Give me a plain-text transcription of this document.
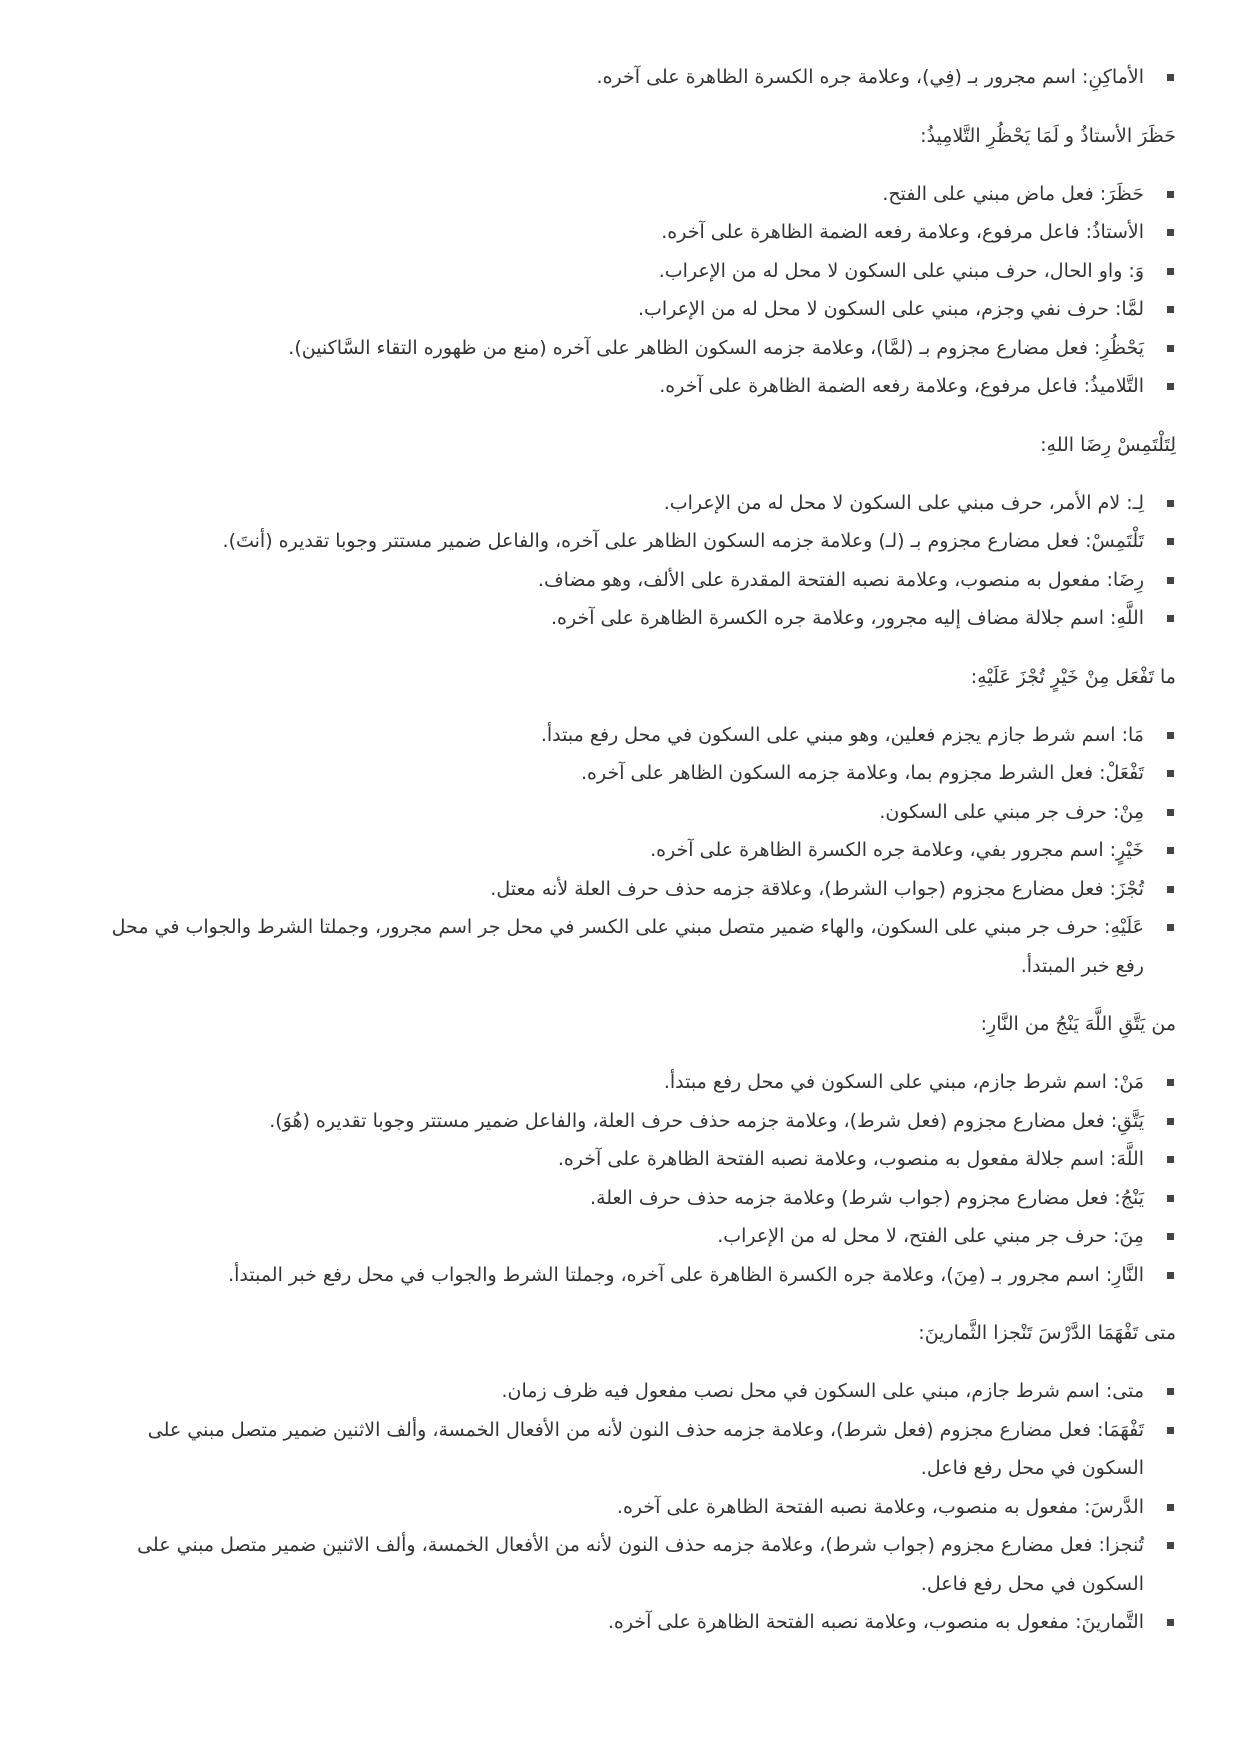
الأماكِنِ: اسم مجرور بـ (فِي)، وعلامة جره الكسرة الظاهرة على آخره.

حَظَرَ الأستاذُ و لَمَا يَحْظُرِ التَّلامِيذُ:

حَظَرَ: فعل ماض مبني على الفتح.
الأستاذُ: فاعل مرفوع، وعلامة رفعه الضمة الظاهرة على آخره.
وَ: واو الحال، حرف مبني على السكون لا محل له من الإعراب.
لمَّا: حرف نفي وجزم، مبني على السكون لا محل له من الإعراب.
يَحْظُرِ: فعل مضارع مجزوم بـ (لمَّا)، وعلامة جزمه السكون الظاهر على آخره (منع من ظهوره التقاء السَّاكنين).
التَّلاميذُ: فاعل مرفوع، وعلامة رفعه الضمة الظاهرة على آخره.

لِتَلْتَمِسْ رِضَا اللهِ:

لِـ: لام الأمر، حرف مبني على السكون لا محل له من الإعراب.
تَلْتَمِسْ: فعل مضارع مجزوم بـ (لـ) وعلامة جزمه السكون الظاهر على آخره، والفاعل ضمير مستتر وجوبا تقديره (أنتَ).
رِضَا: مفعول به منصوب، وعلامة نصبه الفتحة المقدرة على الألف، وهو مضاف.
اللَّهِ: اسم جلالة مضاف إليه مجرور، وعلامة جره الكسرة الظاهرة على آخره.

ما تَفْعَل مِنْ خَيْرٍ تُجْزَ عَلَيْهِ:

مَا: اسم شرط جازم يجزم فعلين، وهو مبني على السكون في محل رفع مبتدأ.
تَفْعَلْ: فعل الشرط مجزوم بما، وعلامة جزمه السكون الظاهر على آخره.
مِنْ: حرف جر مبني على السكون.
خَيْرٍ: اسم مجرور بفي، وعلامة جره الكسرة الظاهرة على آخره.
تُجْزَ: فعل مضارع مجزوم (جواب الشرط)، وعلاقة جزمه حذف حرف العلة لأنه معتل.
عَلَيْهِ: حرف جر مبني على السكون، والهاء ضمير متصل مبني على الكسر في محل جر اسم مجرور، وجملتا الشرط والجواب في محل رفع خبر المبتدأ.

من يَتَّقِ اللَّهَ يَنْجُ من النَّارِ:

مَنْ: اسم شرط جازم، مبني على السكون في محل رفع مبتدأ.
يَتَّقِ: فعل مضارع مجزوم (فعل شرط)، وعلامة جزمه حذف حرف العلة، والفاعل ضمير مستتر وجوبا تقديره (هُوَ).
اللَّهَ: اسم جلالة مفعول به منصوب، وعلامة نصبه الفتحة الظاهرة على آخره.
يَنْجُ: فعل مضارع مجزوم (جواب شرط) وعلامة جزمه حذف حرف العلة.
مِنَ: حرف جر مبني على الفتح، لا محل له من الإعراب.
النَّارِ: اسم مجرور بـ (مِنَ)، وعلامة جره الكسرة الظاهرة على آخره، وجملتا الشرط والجواب في محل رفع خبر المبتدأ.

متى تَفْهَمَا الدَّرْسَ تَنْجزا الثَّمارينَ:

متى: اسم شرط جازم، مبني على السكون في محل نصب مفعول فيه ظرف زمان.
تَفْهَمَا: فعل مضارع مجزوم (فعل شرط)، وعلامة جزمه حذف النون لأنه من الأفعال الخمسة، وألف الاثنين ضمير متصل مبني على السكون في محل رفع فاعل.
الدَّرسَ: مفعول به منصوب، وعلامة نصبه الفتحة الظاهرة على آخره.
تُنجزا: فعل مضارع مجزوم (جواب شرط)، وعلامة جزمه حذف النون لأنه من الأفعال الخمسة، وألف الاثنين ضمير متصل مبني على السكون في محل رفع فاعل.
التَّمارينَ: مفعول به منصوب، وعلامة نصبه الفتحة الظاهرة على آخره.
